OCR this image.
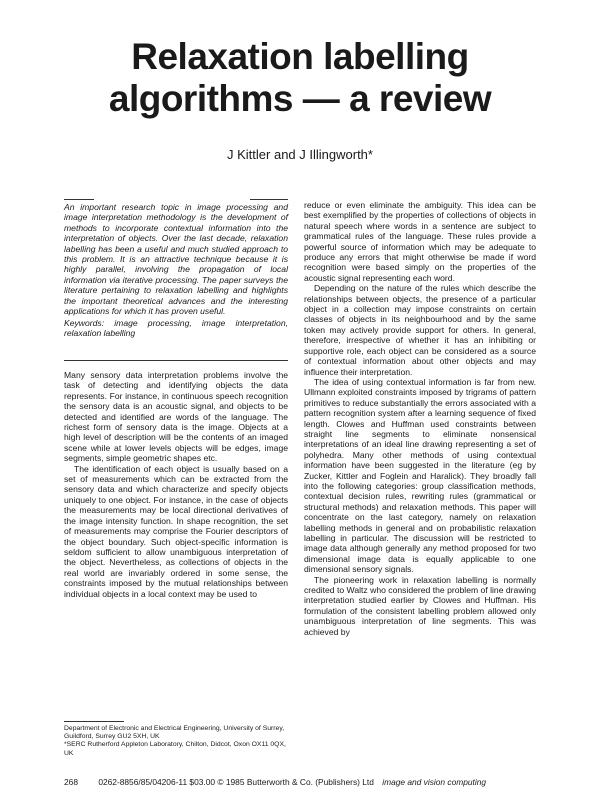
Relaxation labelling
algorithms — a review
J Kittler and J Illingworth*

An important research topic in image processing and image interpretation methodology is the development of methods to incorporate contextual information into the interpretation of objects. Over the last decade, relaxation labelling has been a useful and much studied approach to this problem. It is an attractive technique because it is highly parallel, involving the propagation of local information via iterative processing. The paper surveys the literature pertaining to relaxation labelling and highlights the important theoretical advances and the interesting applications for which it has proven useful.

Keywords: image processing, image interpretation, relaxation labelling

Many sensory data interpretation problems involve the task of detecting and identifying objects the data represents. For instance, in continuous speech recognition the sensory data is an acoustic signal, and objects to be detected and identified are words of the language. The richest form of sensory data is the image. Objects at a high level of description will be the contents of an imaged scene while at lower levels objects will be edges, image segments, simple geometric shapes etc.

The identification of each object is usually based on a set of measurements which can be extracted from the sensory data and which characterize and specify objects uniquely to one object. For instance, in the case of objects the measurements may be local directional derivatives of the image intensity function. In shape recognition, the set of measurements may comprise the Fourier descriptors of the object boundary. Such object-specific information is seldom sufficient to allow unambiguous interpretation of the object. Nevertheless, as collections of objects in the real world are invariably ordered in some sense, the constraints imposed by the mutual relationships between individual objects in a local context may be used to

reduce or even eliminate the ambiguity. This idea can be best exemplified by the properties of collections of objects in natural speech where words in a sentence are subject to grammatical rules of the language. These rules provide a powerful source of information which may be adequate to produce any errors that might otherwise be made if word recognition were based simply on the properties of the acoustic signal representing each word.

Depending on the nature of the rules which describe the relationships between objects, the presence of a particular object in a collection may impose constraints on certain classes of objects in its neighbourhood and by the same token may actively provide support for others. In general, therefore, irrespective of whether it has an inhibiting or supportive role, each object can be considered as a source of contextual information about other objects and may influence their interpretation.

The idea of using contextual information is far from new. Ullmann exploited constraints imposed by trigrams of pattern primitives to reduce substantially the errors associated with a pattern recognition system after a learning sequence of fixed length. Clowes and Huffman used constraints between straight line segments to eliminate nonsensical interpretations of an ideal line drawing representing a set of polyhedra. Many other methods of using contextual information have been suggested in the literature (eg by Zucker, Kittler and Foglein and Haralick). They broadly fall into the following categories: group classification methods, contextual decision rules, rewriting rules (grammatical or structural methods) and relaxation methods. This paper will concentrate on the last category, namely on relaxation labelling methods in general and on probabilistic relaxation labelling in particular. The discussion will be restricted to image data although generally any method proposed for two dimensional image data is equally applicable to one dimensional sensory signals.

The pioneering work in relaxation labelling is normally credited to Waltz who considered the problem of line drawing interpretation studied earlier by Clowes and Huffman. His formulation of the consistent labelling problem allowed only unambiguous interpretation of line segments. This was achieved by

Department of Electronic and Electrical Engineering, University of Surrey, Guildford, Surrey GU2 5XH, UK

*SERC Rutherford Appleton Laboratory, Chilton, Didcot, Oxon OX11 0QX, UK

268 0262-8856/85/04206-11 $03.00 © 1985 Butterworth & Co. (Publishers) Ltd image and vision computing
